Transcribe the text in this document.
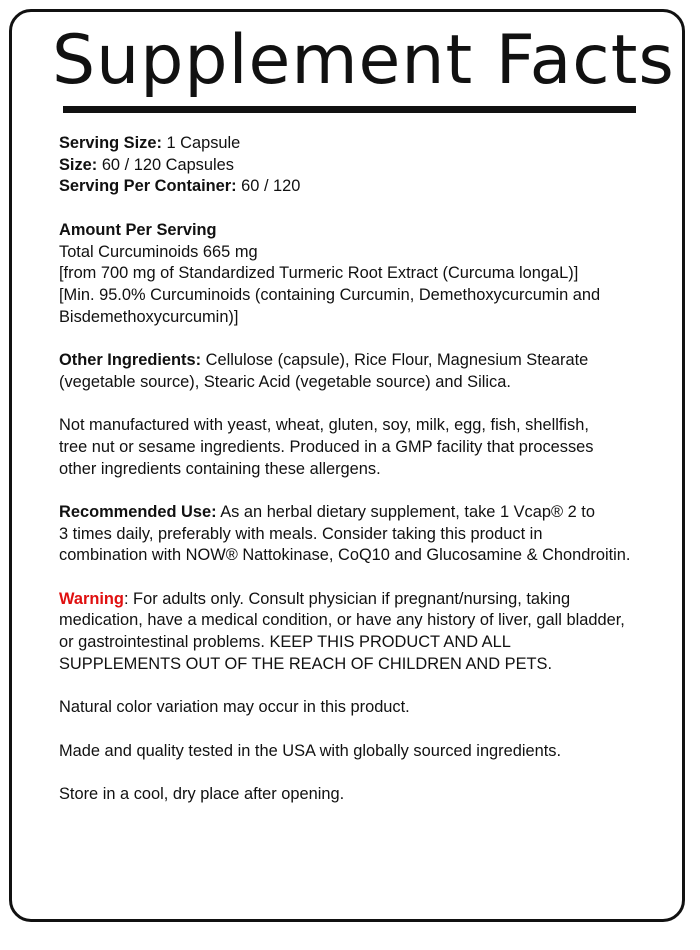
Supplement Facts

Serving Size: 1 Capsule
Size: 60 / 120 Capsules
Serving Per Container: 60 / 120

Amount Per Serving
Total Curcuminoids 665 mg
[from 700 mg of Standardized Turmeric Root Extract (Curcuma longaL)]
[Min. 95.0% Curcuminoids (containing Curcumin, Demethoxycurcumin and
Bisdemethoxycurcumin)]

Other Ingredients: Cellulose (capsule), Rice Flour, Magnesium Stearate
(vegetable source), Stearic Acid (vegetable source) and Silica.

Not manufactured with yeast, wheat, gluten, soy, milk, egg, fish, shellfish,
tree nut or sesame ingredients. Produced in a GMP facility that processes
other ingredients containing these allergens.

Recommended Use: As an herbal dietary supplement, take 1 Vcap® 2 to
3 times daily, preferably with meals. Consider taking this product in
combination with NOW® Nattokinase, CoQ10 and Glucosamine & Chondroitin.

Warning: For adults only. Consult physician if pregnant/nursing, taking
medication, have a medical condition, or have any history of liver, gall bladder,
or gastrointestinal problems. KEEP THIS PRODUCT AND ALL
SUPPLEMENTS OUT OF THE REACH OF CHILDREN AND PETS.

Natural color variation may occur in this product.

Made and quality tested in the USA with globally sourced ingredients.

Store in a cool, dry place after opening.
